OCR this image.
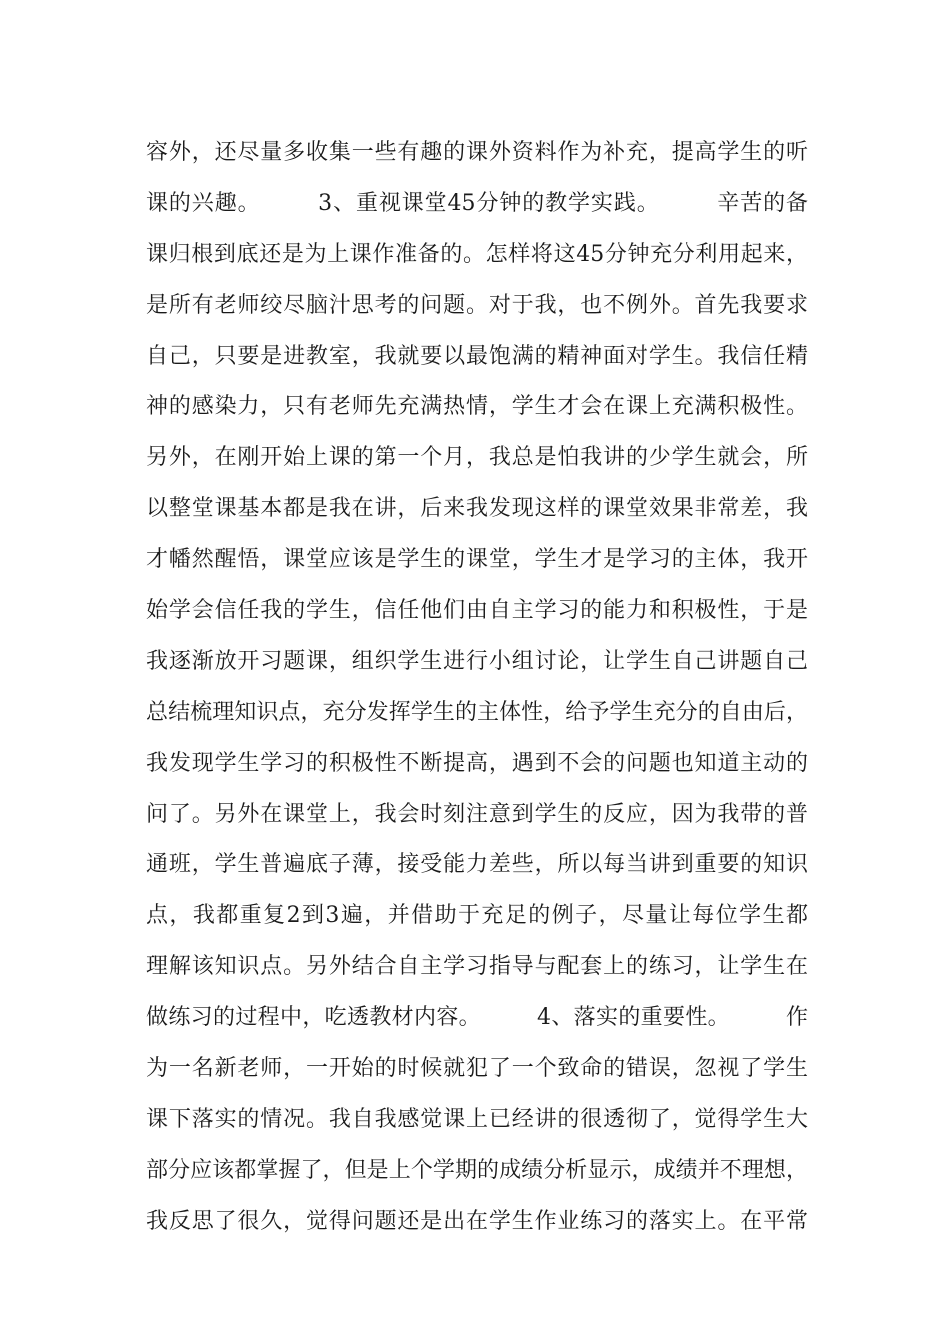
容外，还尽量多收集一些有趣的课外资料作为补充，提高学生的听
课的兴趣。　　　3、重视课堂45分钟的教学实践。　　　辛苦的备
课归根到底还是为上课作准备的。怎样将这45分钟充分利用起来，
是所有老师绞尽脑汁思考的问题。对于我，也不例外。首先我要求
自己，只要是进教室，我就要以最饱满的精神面对学生。我信任精
神的感染力，只有老师先充满热情，学生才会在课上充满积极性。
另外，在刚开始上课的第一个月，我总是怕我讲的少学生就会，所
以整堂课基本都是我在讲，后来我发现这样的课堂效果非常差，我
才幡然醒悟，课堂应该是学生的课堂，学生才是学习的主体，我开
始学会信任我的学生，信任他们由自主学习的能力和积极性，于是
我逐渐放开习题课，组织学生进行小组讨论，让学生自己讲题自己
总结梳理知识点，充分发挥学生的主体性，给予学生充分的自由后，
我发现学生学习的积极性不断提高，遇到不会的问题也知道主动的
问了。另外在课堂上，我会时刻注意到学生的反应，因为我带的普
通班，学生普遍底子薄，接受能力差些，所以每当讲到重要的知识
点，我都重复2到3遍，并借助于充足的例子，尽量让每位学生都
理解该知识点。另外结合自主学习指导与配套上的练习，让学生在
做练习的过程中，吃透教材内容。　　　4、落实的重要性。　　　作
为一名新老师，一开始的时候就犯了一个致命的错误，忽视了学生
课下落实的情况。我自我感觉课上已经讲的很透彻了，觉得学生大
部分应该都掌握了，但是上个学期的成绩分析显示，成绩并不理想，
我反思了很久，觉得问题还是出在学生作业练习的落实上。在平常
